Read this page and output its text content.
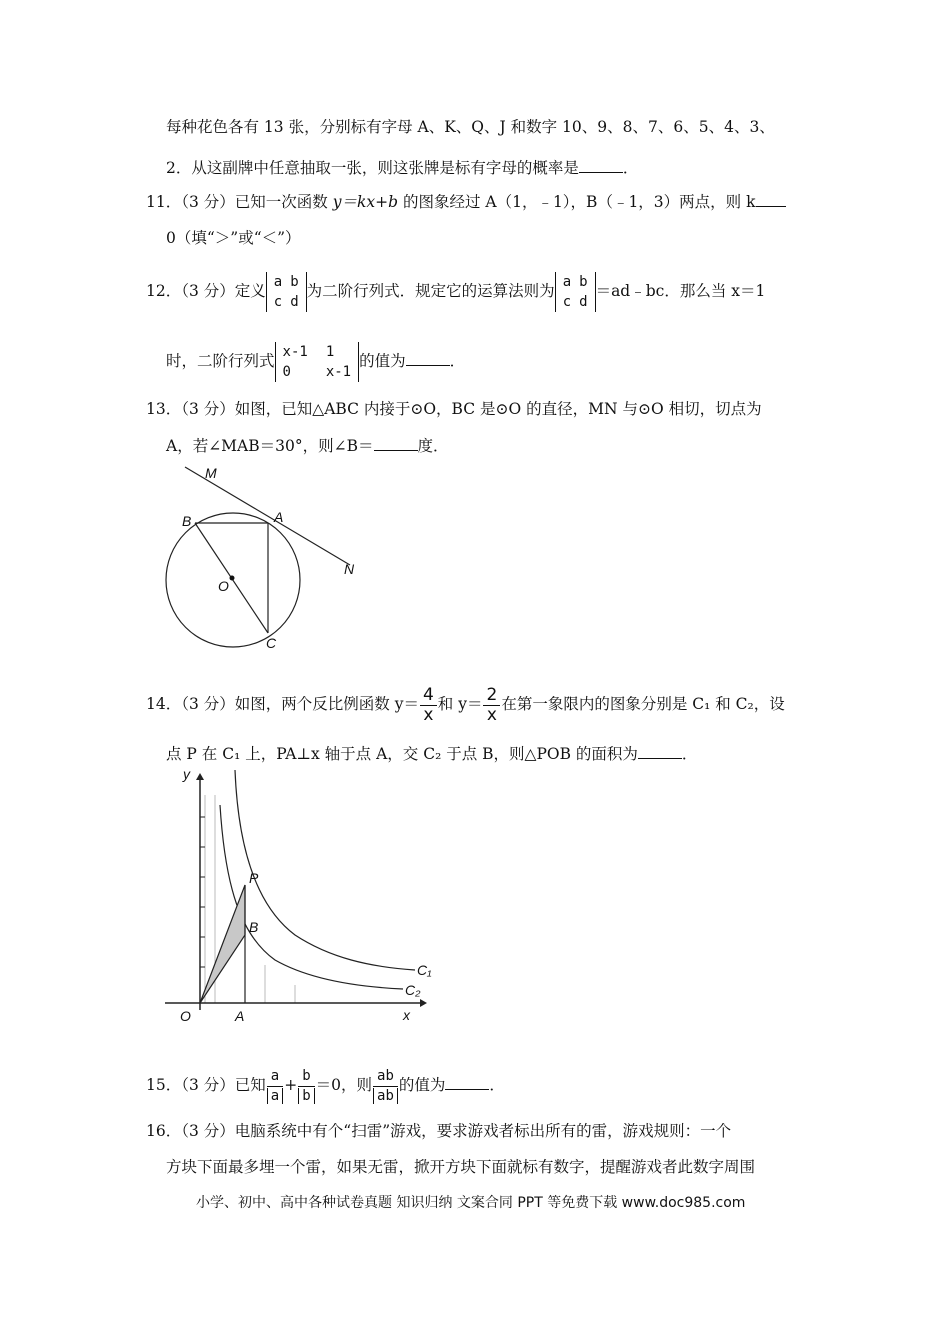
每种花色各有 13 张，分别标有字母 A、K、Q、J 和数字 10、9、8、7、6、5、4、3、
2．从这副牌中任意抽取一张，则这张牌是标有字母的概率是	．
11．（3 分）已知一次函数 y＝kx+b 的图象经过 A（1，﹣1），B（﹣1，3）两点，则 k
0（填“＞”或“＜”）
12．（3 分）定义 a	b
c	d
为二阶行列式．规定它的运算法则为 a	b
c	d
＝ad﹣bc．那么当 x＝1
时，二阶行列式 x-1	1
0	x-1
的值为	．
13．（3 分）如图，已知△ABC 内接于⊙O，BC 是⊙O 的直径，MN 与⊙O 相切，切点为
A，若∠MAB＝30°，则∠B＝	度．
M
A
B
O
N
C
14．（3 分）如图，两个反比例函数 $y= \frac{4}{x}$ 和 $y= \frac{2}{x}$ 在第一象限内的图象分别是 C₁ 和 C₂，设
点 P 在 C₁ 上，PA⊥x 轴于点 A，交 C₂ 于点 B，则△POB 的面积为	．
y
x
O	A
P
B
C₁
C₂
15．（3 分）已知 $\frac{a}{a} + \frac{b}{b} =0$，则 $\frac{ab}{ab}$ 的值为	．
16．（3 分）电脑系统中有个“扫雷”游戏，要求游戏者标出所有的雷，游戏规则：一个
方块下面最多埋一个雷，如果无雷，掀开方块下面就标有数字，提醒游戏者此数字周围
小学、初中、高中各种试卷真题 知识归纳 文案合同 PPT 等免费下载 www.doc985.com
